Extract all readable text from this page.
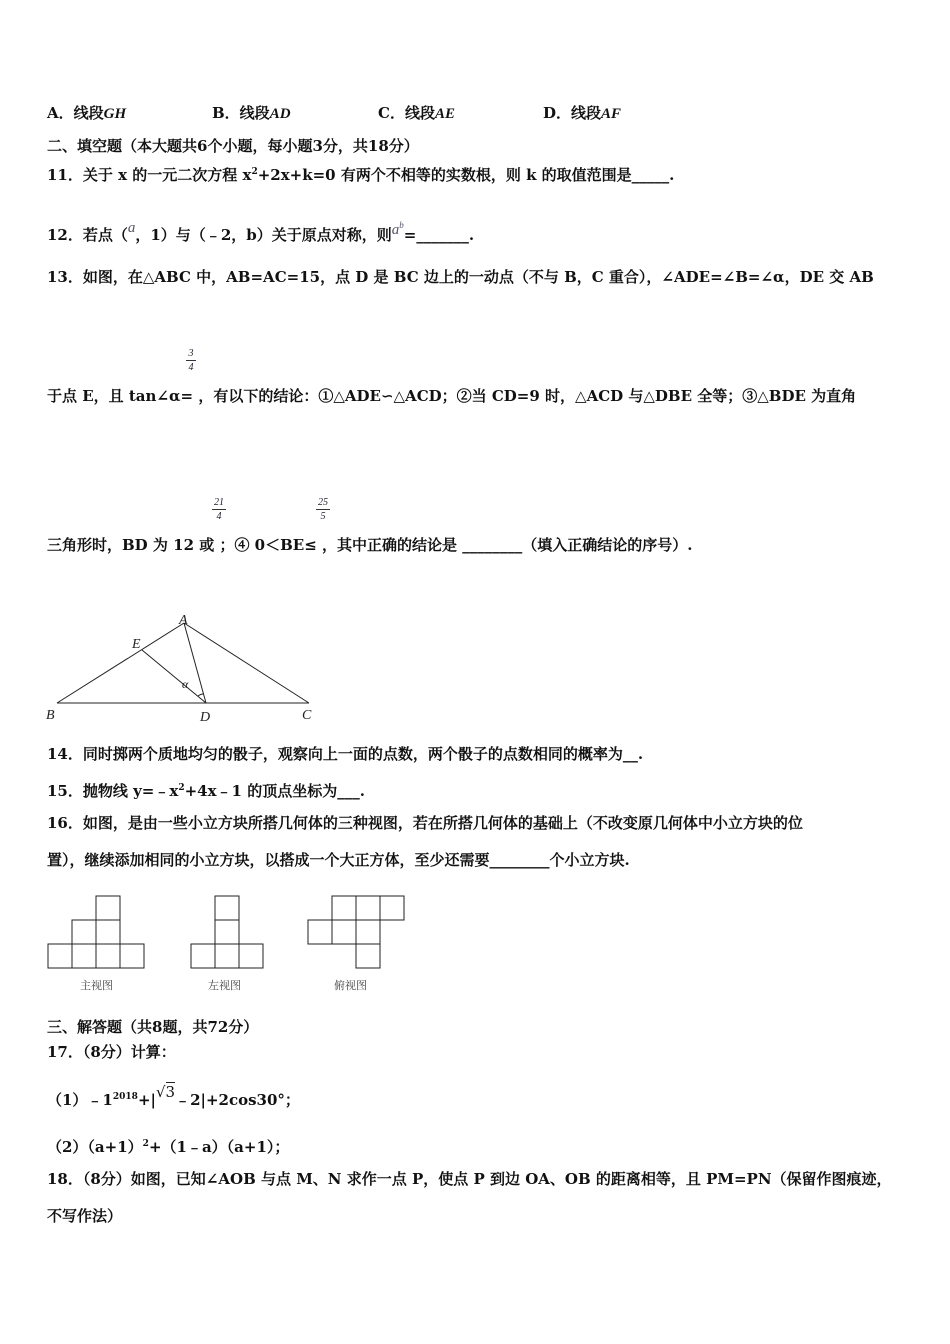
A．线段GH	B．线段AD	C．线段AE	D．线段AF
二、填空题（本大题共6个小题，每小题3分，共18分）
11．关于 x 的一元二次方程 $x^2+2x+k=0$ 有两个不相等的实数根，则 k 的取值范围是_____.
12．若点（a，1）与（﹣2，b）关于原点对称，则$a^b=\_\_\_\_\_\_\_$.
13．如图，在△ABC 中，AB=AC=15，点 D 是 BC 边上的一动点（不与 B，C 重合），∠ADE=∠B=∠α，DE 交 AB
3
4
于点 E，且 tan∠α= ，有以下的结论：①△ADE∽△ACD；②当 CD=9 时，△ACD 与△DBE 全等；③△BDE 为直角
21
4
25
5
三角形时，BD 为 12 或 ；④ 0＜BE≤ ，其中正确的结论是 ________（填入正确结论的序号）.
A
B	C
D
E
α
14．同时掷两个质地均匀的骰子，观察向上一面的点数，两个骰子的点数相同的概率为__.
15．抛物线 $y=﹣x^2+4x﹣1$ 的顶点坐标为___.
16．如图，是由一些小立方块所搭几何体的三种视图，若在所搭几何体的基础上（不改变原几何体中小立方块的位
置），继续添加相同的小立方块，以搭成一个大正方体，至少还需要________个小立方块.
主视图	左视图	俯视图
三、解答题（共8题，共72分）
17．（8分）计算：
$(1)﹣1^{2018}+|√3﹣2|+2\cos 30^\circ$；
$(2)(a+1)^2+(1﹣a)(a+1)$；
18．（8分）如图，已知∠AOB 与点 M、N 求作一点 P，使点 P 到边 OA、OB 的距离相等，且 PM=PN（保留作图痕迹，
不写作法）
